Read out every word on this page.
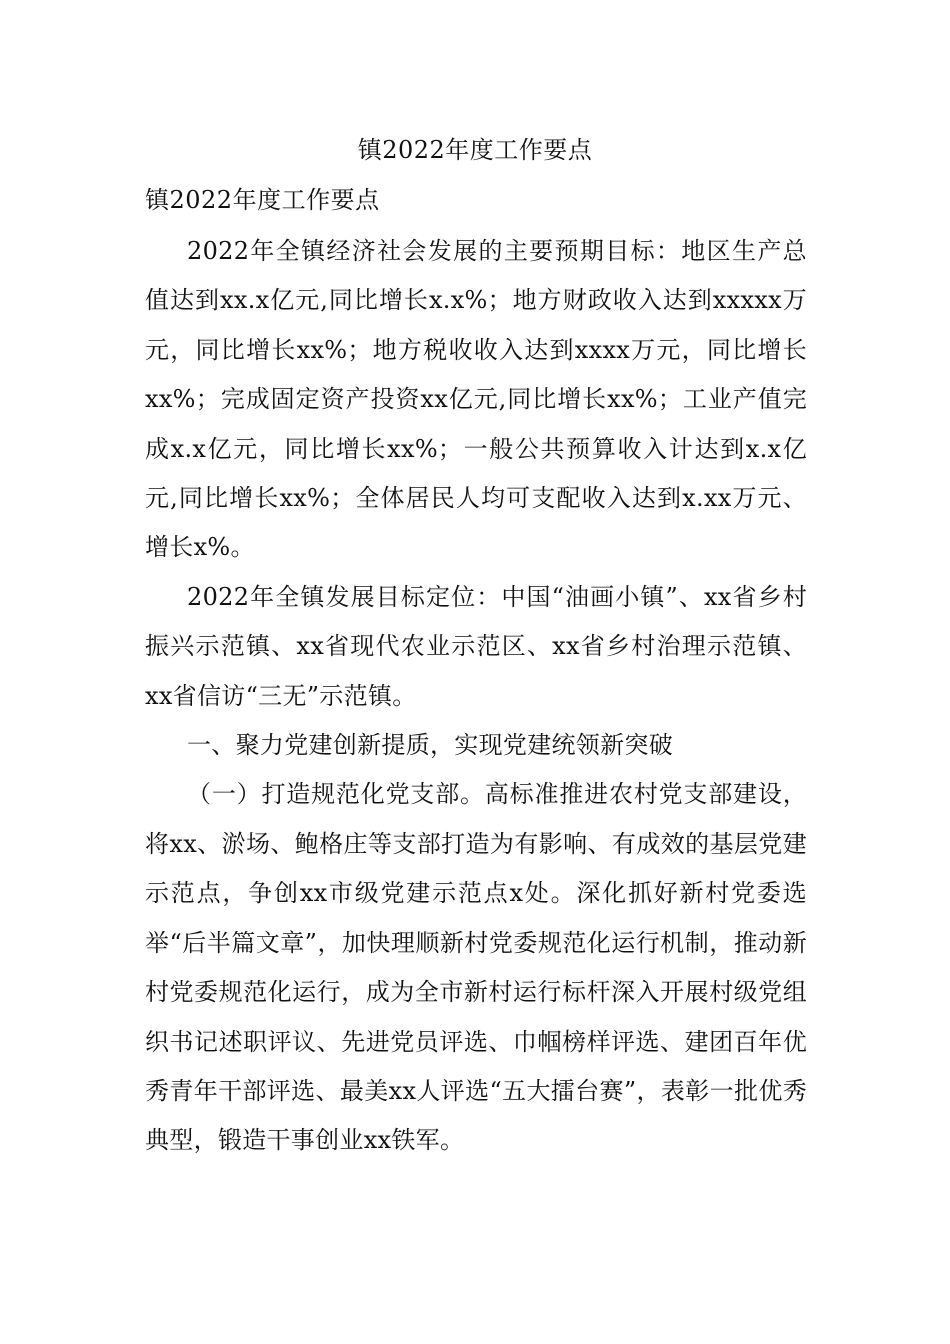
镇2022年度工作要点
镇2022年度工作要点

2022年全镇经济社会发展的主要预期目标：地区生产总值达到xx.x亿元,同比增长x.x%；地方财政收入达到xxxxx万元，同比增长xx%；地方税收收入达到xxxx万元，同比增长xx%；完成固定资产投资xx亿元,同比增长xx%；工业产值完成x.x亿元，同比增长xx%；一般公共预算收入计达到x.x亿元,同比增长xx%；全体居民人均可支配收入达到x.xx万元、增长x%。

2022年全镇发展目标定位：中国“油画小镇”、xx省乡村振兴示范镇、xx省现代农业示范区、xx省乡村治理示范镇、xx省信访“三无”示范镇。

一、聚力党建创新提质，实现党建统领新突破

（一）打造规范化党支部。高标准推进农村党支部建设，将xx、淤场、鲍格庄等支部打造为有影响、有成效的基层党建示范点，争创xx市级党建示范点x处。深化抓好新村党委选举“后半篇文章”，加快理顺新村党委规范化运行机制，推动新村党委规范化运行，成为全市新村运行标杆深入开展村级党组织书记述职评议、先进党员评选、巾帼榜样评选、建团百年优秀青年干部评选、最美xx人评选“五大擂台赛”，表彰一批优秀典型，锻造干事创业xx铁军。
